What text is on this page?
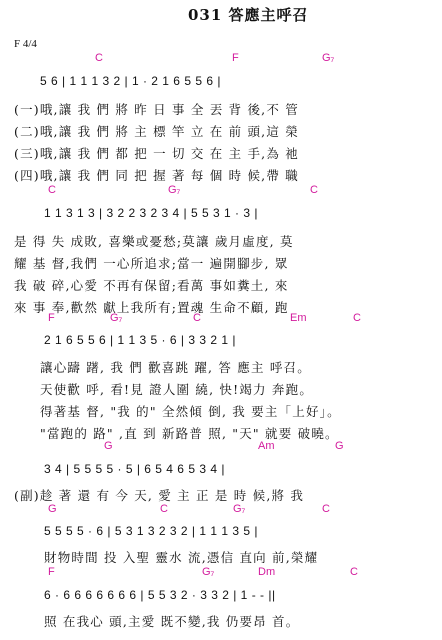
031 答應主呼召
F 4/4
C	F	G₇
5 6 | 1 1 1 3 2 | 1 · 2 1 6 5 5 6 |
(一)哦,讓 我 們 將 昨 日 事 全 丟 背 後,不 管
(二)哦,讓 我 們 將 主 標 竿 立 在 前 頭,這 榮
(三)哦,讓 我 們 都 把 一 切 交 在 主 手,為 祂
(四)哦,讓 我 們 同 把 握 著 每 個 時 候,帶 職
C	G₇	C
1 1 3 1 3 | 3 2 2 3 2 3 4 | 5 5 3 1 · 3 |
是 得 失 成敗, 喜樂或憂愁;莫讓 歲月虛度, 莫
耀 基 督,我們 一心所追求;當一 遍開腳步, 眾
我 破 碎,心愛 不再有保留;看萬 事如糞土, 來
來 事 奉,歡然 獻上我所有;置魂 生命不顧, 跑
F	G₇	C	Em	C
2 1 6 5 5 6 | 1 1 3 5 · 6 | 3 3 2 1 |
讓心躊 躇, 我 們 歡喜跳 躍, 答 應主 呼召。
天使歡 呼, 看!見 證人圍 繞, 快!竭力 奔跑。
得著基 督, "我 的" 全然傾 倒, 我 要主「上好」。
"當跑的 路" ,直 到 新路普 照, "天" 就要 破曉。
G	Am	G
3 4 | 5 5 5 5 · 5 | 6 5 4 6 5 3 4 |
(副)趁 著 還 有 今 天, 愛 主 正 是 時 候,將 我
G	C	G₇	C
5 5 5 5 · 6 | 5 3 1 3 2 3 2 | 1 1 1 3 5 |
財物時間 投 入聖 靈水 流,憑信 直向 前,榮耀
F	G₇	Dm	C
6 · 6 6 6 6 6 6 6 | 5 5 3 2 · 3 3 2 | 1 - - ||
照 在我心 頭,主愛 既不變,我 仍要昂 首。
